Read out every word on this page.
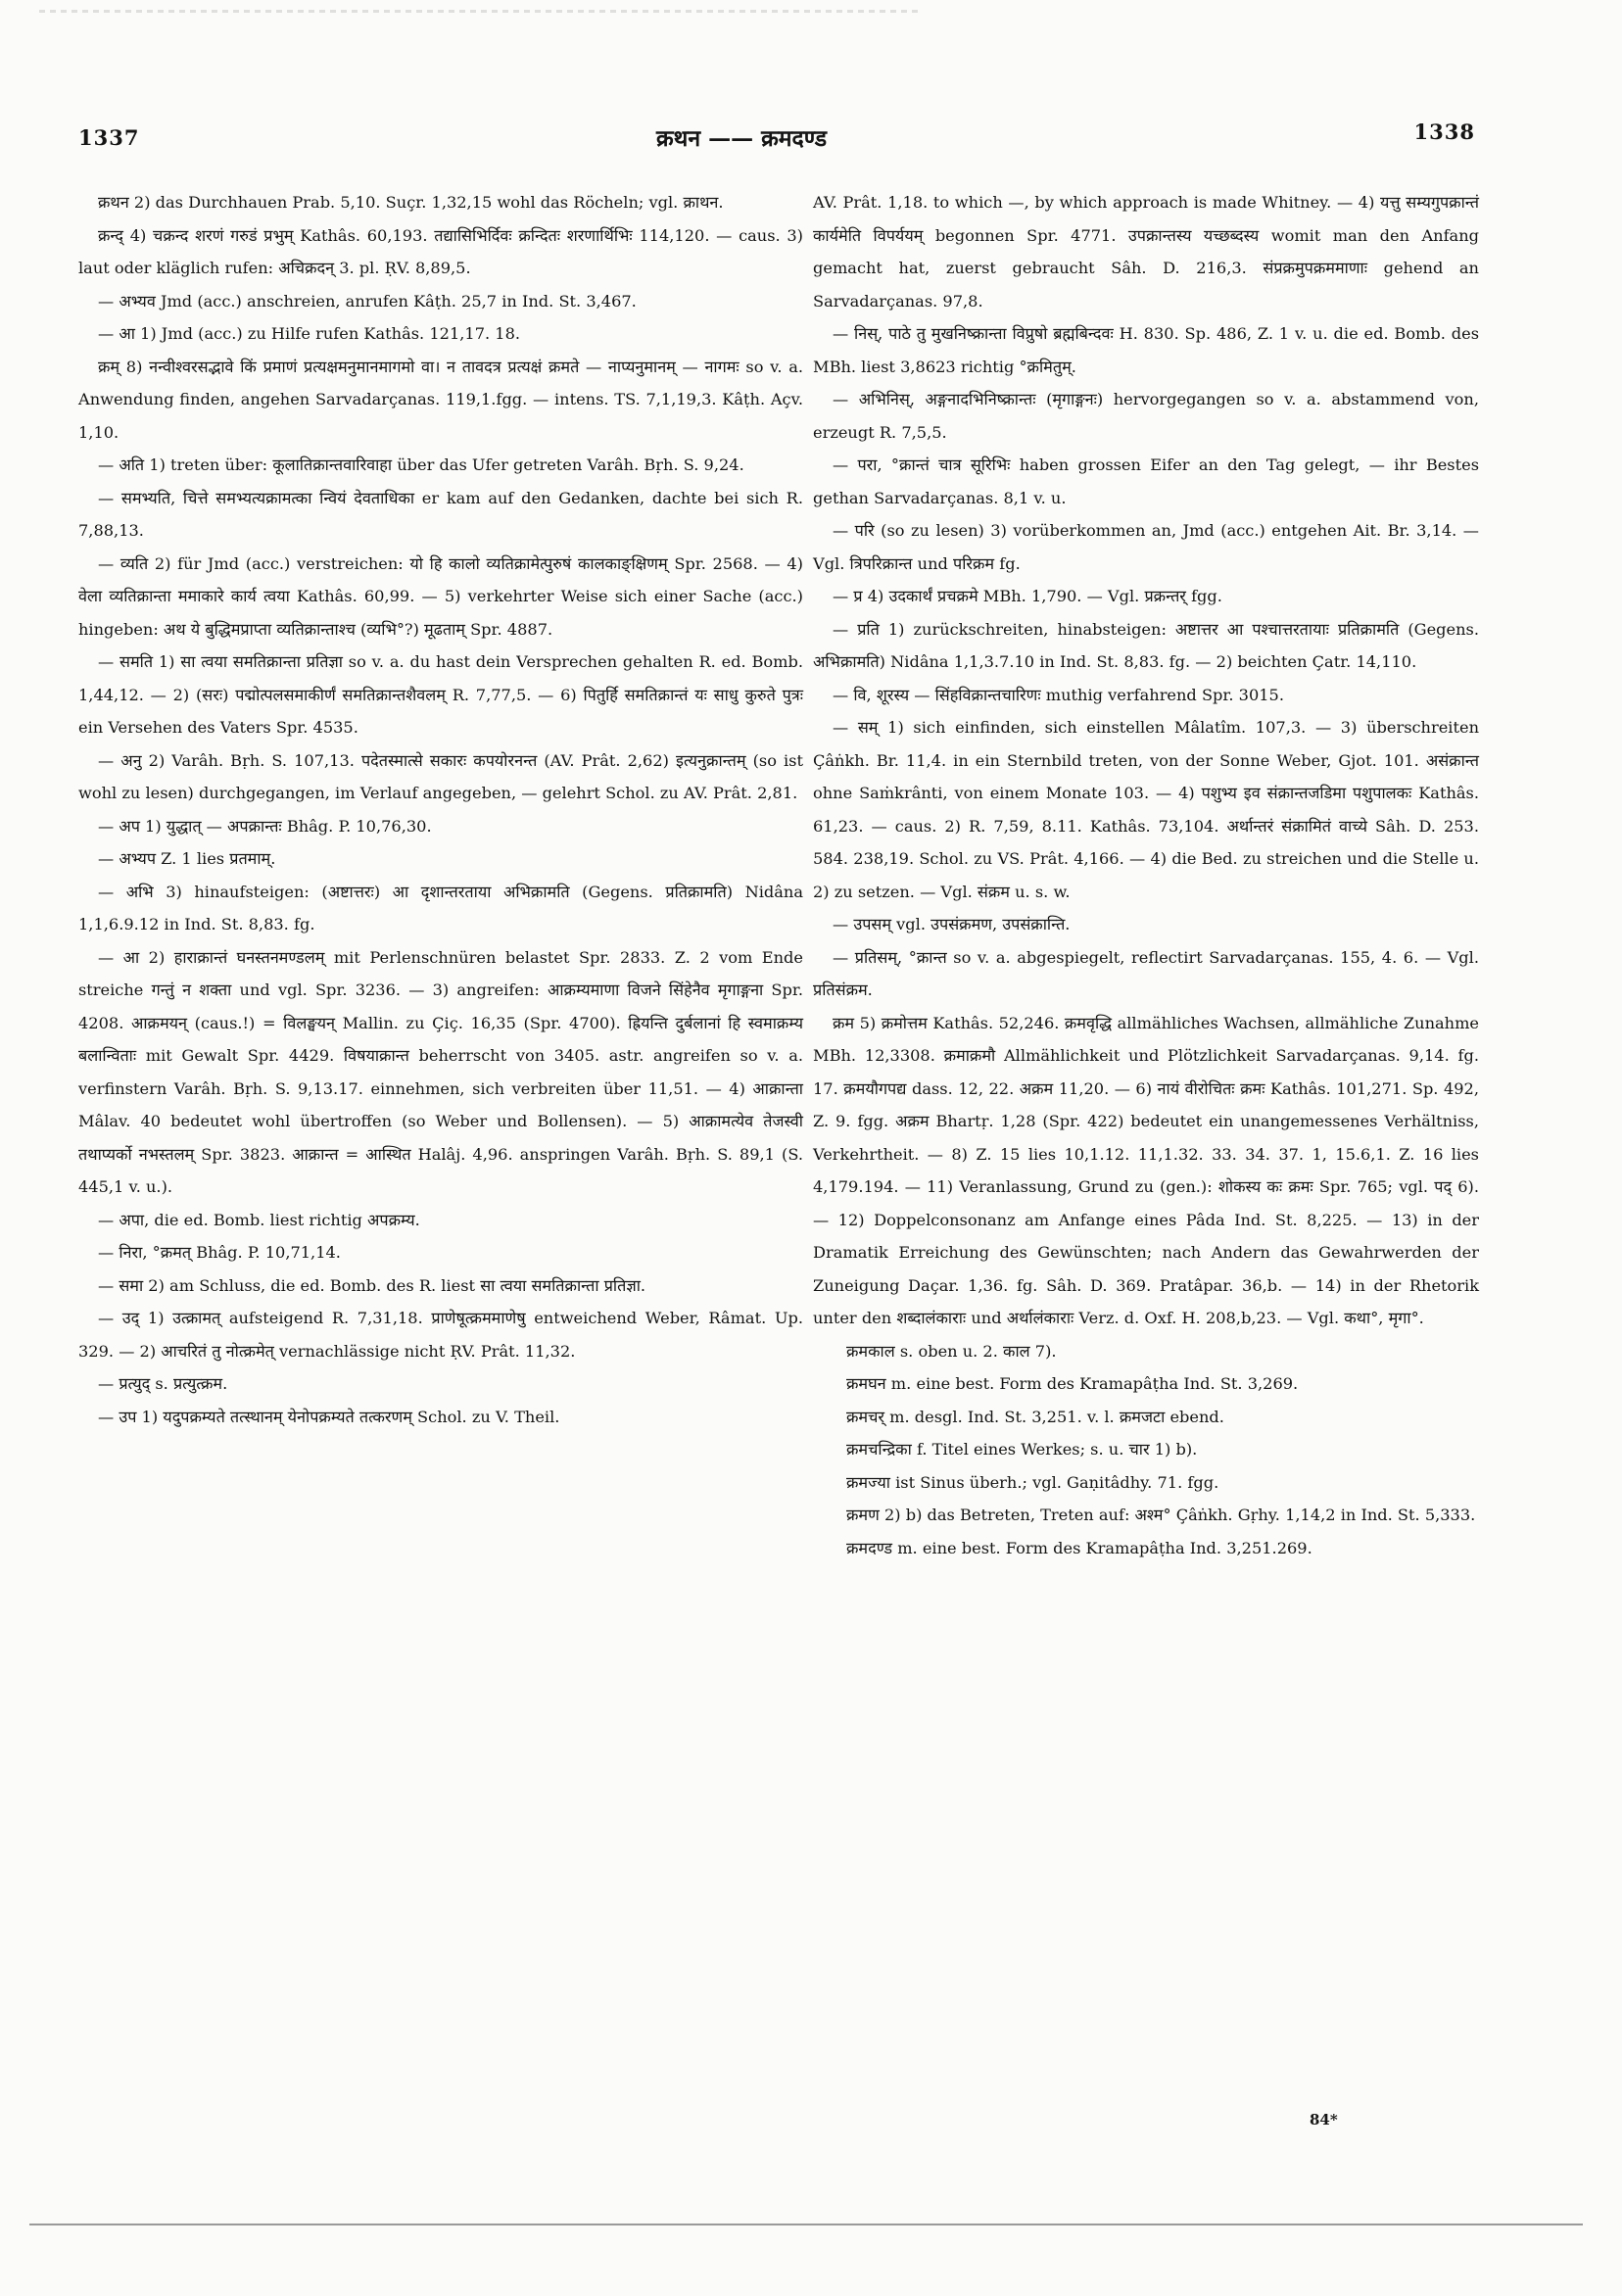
1337	क्रथन —— क्रमदण्ड	1338

क्रथन 2) das Durchhauen Prab. 5,10. Suçr. 1,32,15 wohl das Röcheln; vgl. क्राथन.

क्रन्द् 4) चक्रन्द शरणं गरुडं प्रभुम् Kathâs. 60,193. तद्यासिभिर्दिवः क्रन्दितः शरणार्थिभिः 114,120. — caus. 3) laut oder kläglich rufen: अचिक्रदन् 3. pl. ṚV. 8,89,5.

— अभ्यव Jmd (acc.) anschreien, anrufen Kâṭh. 25,7 in Ind. St. 3,467.

— आ 1) Jmd (acc.) zu Hilfe rufen Kathâs. 121,17. 18.

क्रम् 8) नन्वीश्वरसद्भावे किं प्रमाणं प्रत्यक्षमनुमानमागमो वा। न तावदत्र प्रत्यक्षं क्रमते — नाप्यनुमानम् — नागमः so v. a. Anwendung finden, angehen Sarvadarçanas. 119,1.fgg. — intens. TS. 7,1,19,3. Kâṭh. Açv. 1,10.

— अति 1) treten über: कूलातिक्रान्तवारिवाहा über das Ufer getreten Varâh. Bṛh. S. 9,24.

— समभ्यति, चित्ते समभ्यत्यक्रामत्का न्वियं देवताधिका er kam auf den Gedanken, dachte bei sich R. 7,88,13.

— व्यति 2) für Jmd (acc.) verstreichen: यो हि कालो व्यतिक्रामेत्पुरुषं कालकाङ्क्षिणम् Spr. 2568. — 4) वेला व्यतिक्रान्ता ममाकारे कार्य त्वया Kathâs. 60,99. — 5) verkehrter Weise sich einer Sache (acc.) hingeben: अथ ये बुद्धिमप्राप्ता व्यतिक्रान्ताश्च (व्यभि°?) मूढताम् Spr. 4887.

— समति 1) सा त्वया समतिक्रान्ता प्रतिज्ञा so v. a. du hast dein Versprechen gehalten R. ed. Bomb. 1,44,12. — 2) (सरः) पद्मोत्पलसमाकीर्णं समतिक्रान्तशैवलम् R. 7,77,5. — 6) पितुर्हि समतिक्रान्तं यः साधु कुरुते पुत्रः ein Versehen des Vaters Spr. 4535.

— अनु 2) Varâh. Bṛh. S. 107,13. पदेतस्मात्से सकारः कपयोरनन्त (AV. Prât. 2,62) इत्यनुक्रान्तम् (so ist wohl zu lesen) durchgegangen, im Verlauf angegeben, — gelehrt Schol. zu AV. Prât. 2,81.

— अप 1) युद्धात् — अपक्रान्तः Bhâg. P. 10,76,30.

— अभ्यप Z. 1 lies प्रतमाम्.

— अभि 3) hinaufsteigen: (अष्टात्तरः) आ दृशान्तरताया अभिक्रामति (Gegens. प्रतिक्रामति) Nidâna 1,1,6.9.12 in Ind. St. 8,83. fg.

— आ 2) हाराक्रान्तं घनस्तनमण्डलम् mit Perlenschnüren belastet Spr. 2833. Z. 2 vom Ende streiche गन्तुं न शक्ता und vgl. Spr. 3236. — 3) angreifen: आक्रम्यमाणा विजने सिंहेनैव मृगाङ्गना Spr. 4208. आक्रमयन् (caus.!) = विलङ्घयन् Mallin. zu Çiç. 16,35 (Spr. 4700). ह्रियन्ति दुर्बलानां हि स्वमाक्रम्य बलान्विताः mit Gewalt Spr. 4429. विषयाक्रान्त beherrscht von 3405. astr. angreifen so v. a. verfinstern Varâh. Bṛh. S. 9,13.17. einnehmen, sich verbreiten über 11,51. — 4) आक्रान्ता Mâlav. 40 bedeutet wohl übertroffen (so Weber und Bollensen). — 5) आक्रामत्येव तेजस्वी तथाप्यर्को नभस्तलम् Spr. 3823. आक्रान्त = आस्थित Halâj. 4,96. anspringen Varâh. Bṛh. S. 89,1 (S. 445,1 v. u.).

— अपा, die ed. Bomb. liest richtig अपक्रम्य.

— निरा, °क्रमत् Bhâg. P. 10,71,14.

— समा 2) am Schluss, die ed. Bomb. des R. liest सा त्वया समतिक्रान्ता प्रतिज्ञा.

— उद् 1) उत्क्रामत् aufsteigend R. 7,31,18. प्राणेषूत्क्रममाणेषु entweichend Weber, Râmat. Up. 329. — 2) आचरितं तु नोत्क्रमेत् vernachlässige nicht ṚV. Prât. 11,32.

— प्रत्युद् s. प्रत्युत्क्रम.

— उप 1) यदुपक्रम्यते तत्स्थानम् येनोपक्रम्यते तत्करणम् Schol. zu V. Theil.

AV. Prât. 1,18. to which —, by which approach is made Whitney. — 4) यत्तु सम्यगुपक्रान्तं कार्यमेति विपर्ययम् begonnen Spr. 4771. उपक्रान्तस्य यच्छब्दस्य womit man den Anfang gemacht hat, zuerst gebraucht Sâh. D. 216,3. संप्रक्रमुपक्रममाणाः gehend an Sarvadarçanas. 97,8.

— निस्, पाठे तु मुखनिष्क्रान्ता विप्रुषो ब्रह्मबिन्दवः H. 830. Sp. 486, Z. 1 v. u. die ed. Bomb. des MBh. liest 3,8623 richtig °क्रमितुम्.

— अभिनिस्, अङ्गनादभिनिष्क्रान्तः (मृगाङ्गनः) hervorgegangen so v. a. abstammend von, erzeugt R. 7,5,5.

— परा, °क्रान्तं चात्र सूरिभिः haben grossen Eifer an den Tag gelegt, — ihr Bestes gethan Sarvadarçanas. 8,1 v. u.

— परि (so zu lesen) 3) vorüberkommen an, Jmd (acc.) entgehen Ait. Br. 3,14. — Vgl. त्रिपरिक्रान्त und परिक्रम fg.

— प्र 4) उदकार्थं प्रचक्रमे MBh. 1,790. — Vgl. प्रक्रन्तर् fgg.

— प्रति 1) zurückschreiten, hinabsteigen: अष्टात्तर आ पश्चात्तरतायाः प्रतिक्रामति (Gegens. अभिक्रामति) Nidâna 1,1,3.7.10 in Ind. St. 8,83. fg. — 2) beichten Çatr. 14,110.

— वि, शूरस्य — सिंहविक्रान्तचारिणः muthig verfahrend Spr. 3015.

— सम् 1) sich einfinden, sich einstellen Mâlatîm. 107,3. — 3) überschreiten Çâṅkh. Br. 11,4. in ein Sternbild treten, von der Sonne Weber, Gjot. 101. असंक्रान्त ohne Saṁkrânti, von einem Monate 103. — 4) पशुभ्य इव संक्रान्तजडिमा पशुपालकः Kathâs. 61,23. — caus. 2) R. 7,59, 8.11. Kathâs. 73,104. अर्थान्तरं संक्रामितं वाच्ये Sâh. D. 253. 584. 238,19. Schol. zu VS. Prât. 4,166. — 4) die Bed. zu streichen und die Stelle u. 2) zu setzen. — Vgl. संक्रम u. s. w.

— उपसम् vgl. उपसंक्रमण, उपसंक्रान्ति.

— प्रतिसम्, °क्रान्त so v. a. abgespiegelt, reflectirt Sarvadarçanas. 155, 4. 6. — Vgl. प्रतिसंक्रम.

क्रम 5) क्रमोत्तम Kathâs. 52,246. क्रमवृद्धि allmähliches Wachsen, allmähliche Zunahme MBh. 12,3308. क्रमाक्रमौ Allmählichkeit und Plötzlichkeit Sarvadarçanas. 9,14. fg. 17. क्रमयौगपद्य dass. 12, 22. अक्रम 11,20. — 6) नायं वीरोचितः क्रमः Kathâs. 101,271. Sp. 492, Z. 9. fgg. अक्रम Bhartṛ. 1,28 (Spr. 422) bedeutet ein unangemessenes Verhältniss, Verkehrtheit. — 8) Z. 15 lies 10,1.12. 11,1.32. 33. 34. 37. 1, 15.6,1. Z. 16 lies 4,179.194. — 11) Veranlassung, Grund zu (gen.): शोकस्य कः क्रमः Spr. 765; vgl. पद् 6). — 12) Doppelconsonanz am Anfange eines Pâda Ind. St. 8,225. — 13) in der Dramatik Erreichung des Gewünschten; nach Andern das Gewahrwerden der Zuneigung Daçar. 1,36. fg. Sâh. D. 369. Pratâpar. 36,b. — 14) in der Rhetorik unter den शब्दालंकाराः und अर्थालंकाराः Verz. d. Oxf. H. 208,b,23. — Vgl. कथा°, मृगा°.

क्रमकाल s. oben u. 2. काल 7).

क्रमघन m. eine best. Form des Kramapâṭha Ind. St. 3,269.

क्रमचर् m. desgl. Ind. St. 3,251. v. l. क्रमजटा ebend.

क्रमचन्द्रिका f. Titel eines Werkes; s. u. चार 1) b).

क्रमज्या ist Sinus überh.; vgl. Gaṇitâdhy. 71. fgg.

क्रमण 2) b) das Betreten, Treten auf: अश्म° Çâṅkh. Gṛhy. 1,14,2 in Ind. St. 5,333.

क्रमदण्ड m. eine best. Form des Kramapâṭha Ind. 3,251.269.

84*
